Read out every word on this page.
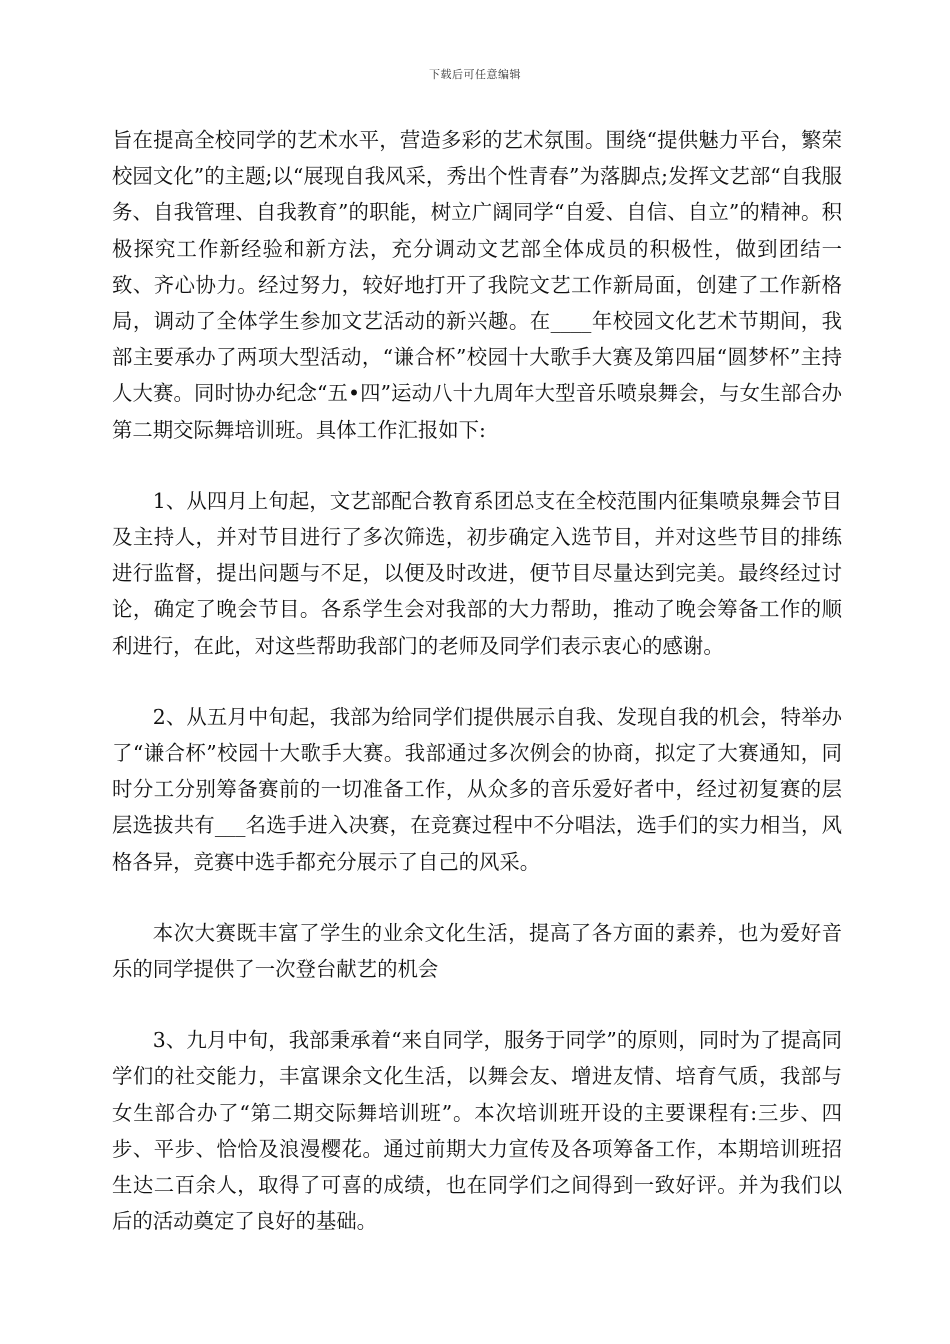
下载后可任意编辑

旨在提高全校同学的艺术水平，营造多彩的艺术氛围。围绕“提供魅力平台，繁荣校园文化”的主题;以“展现自我风采，秀出个性青春”为落脚点;发挥文艺部“自我服务、自我管理、自我教育”的职能，树立广阔同学“自爱、自信、自立”的精神。积极探究工作新经验和新方法，充分调动文艺部全体成员的积极性，做到团结一致、齐心协力。经过努力，较好地打开了我院文艺工作新局面，创建了工作新格局，调动了全体学生参加文艺活动的新兴趣。在____年校园文化艺术节期间，我部主要承办了两项大型活动，“谦合杯”校园十大歌手大赛及第四届“圆梦杯”主持人大赛。同时协办纪念“五•四”运动八十九周年大型音乐喷泉舞会，与女生部合办第二期交际舞培训班。具体工作汇报如下:

1、从四月上旬起，文艺部配合教育系团总支在全校范围内征集喷泉舞会节目及主持人，并对节目进行了多次筛选，初步确定入选节目，并对这些节目的排练进行监督，提出问题与不足，以便及时改进，便节目尽量达到完美。最终经过讨论，确定了晚会节目。各系学生会对我部的大力帮助，推动了晚会筹备工作的顺利进行，在此，对这些帮助我部门的老师及同学们表示衷心的感谢。

2、从五月中旬起，我部为给同学们提供展示自我、发现自我的机会，特举办了“谦合杯”校园十大歌手大赛。我部通过多次例会的协商，拟定了大赛通知，同时分工分别筹备赛前的一切准备工作，从众多的音乐爱好者中，经过初复赛的层层选拔共有___名选手进入决赛，在竞赛过程中不分唱法，选手们的实力相当，风格各异，竞赛中选手都充分展示了自己的风采。

本次大赛既丰富了学生的业余文化生活，提高了各方面的素养，也为爱好音乐的同学提供了一次登台献艺的机会

3、九月中旬，我部秉承着“来自同学，服务于同学”的原则，同时为了提高同学们的社交能力，丰富课余文化生活，以舞会友、增进友情、培育气质，我部与女生部合办了“第二期交际舞培训班”。本次培训班开设的主要课程有:三步、四步、平步、恰恰及浪漫樱花。通过前期大力宣传及各项筹备工作，本期培训班招生达二百余人，取得了可喜的成绩，也在同学们之间得到一致好评。并为我们以后的活动奠定了良好的基础。
